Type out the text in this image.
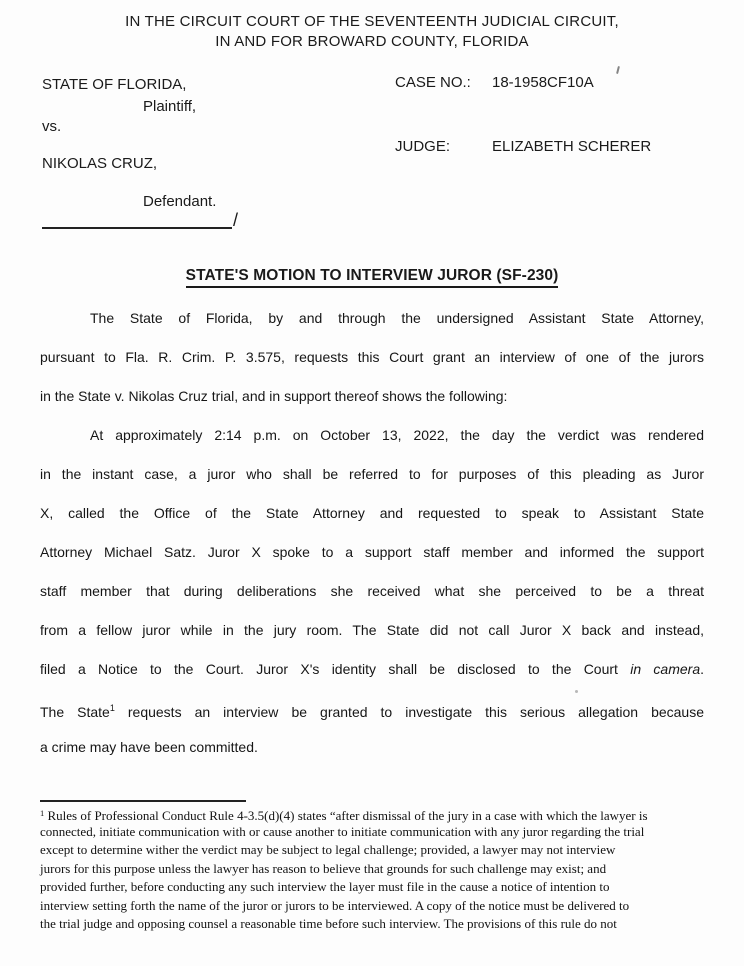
IN THE CIRCUIT COURT OF THE SEVENTEENTH JUDICIAL CIRCUIT,
IN AND FOR BROWARD COUNTY, FLORIDA
STATE OF FLORIDA,
Plaintiff,
vs.
NIKOLAS CRUZ,
Defendant.
/
CASE NO.:	18-1958CF10A
JUDGE:	ELIZABETH SCHERER
STATE'S MOTION TO INTERVIEW JUROR (SF-230)
The State of Florida, by and through the undersigned Assistant State Attorney,
pursuant to Fla. R. Crim. P. 3.575, requests this Court grant an interview of one of the jurors
in the State v. Nikolas Cruz trial, and in support thereof shows the following:
At approximately 2:14 p.m. on October 13, 2022, the day the verdict was rendered
in the instant case, a juror who shall be referred to for purposes of this pleading as Juror
X, called the Office of the State Attorney and requested to speak to Assistant State
Attorney Michael Satz. Juror X spoke to a support staff member and informed the support
staff member that during deliberations she received what she perceived to be a threat
from a fellow juror while in the jury room. The State did not call Juror X back and instead,
filed a Notice to the Court. Juror X's identity shall be disclosed to the Court in camera.
The State$^1$ requests an interview be granted to investigate this serious allegation because
a crime may have been committed.
$^1$ Rules of Professional Conduct Rule 4-3.5(d)(4) states “after dismissal of the jury in a case with which the lawyer is
connected, initiate communication with or cause another to initiate communication with any juror regarding the trial
except to determine wither the verdict may be subject to legal challenge; provided, a lawyer may not interview
jurors for this purpose unless the lawyer has reason to believe that grounds for such challenge may exist; and
provided further, before conducting any such interview the layer must file in the cause a notice of intention to
interview setting forth the name of the juror or jurors to be interviewed. A copy of the notice must be delivered to
the trial judge and opposing counsel a reasonable time before such interview. The provisions of this rule do not
